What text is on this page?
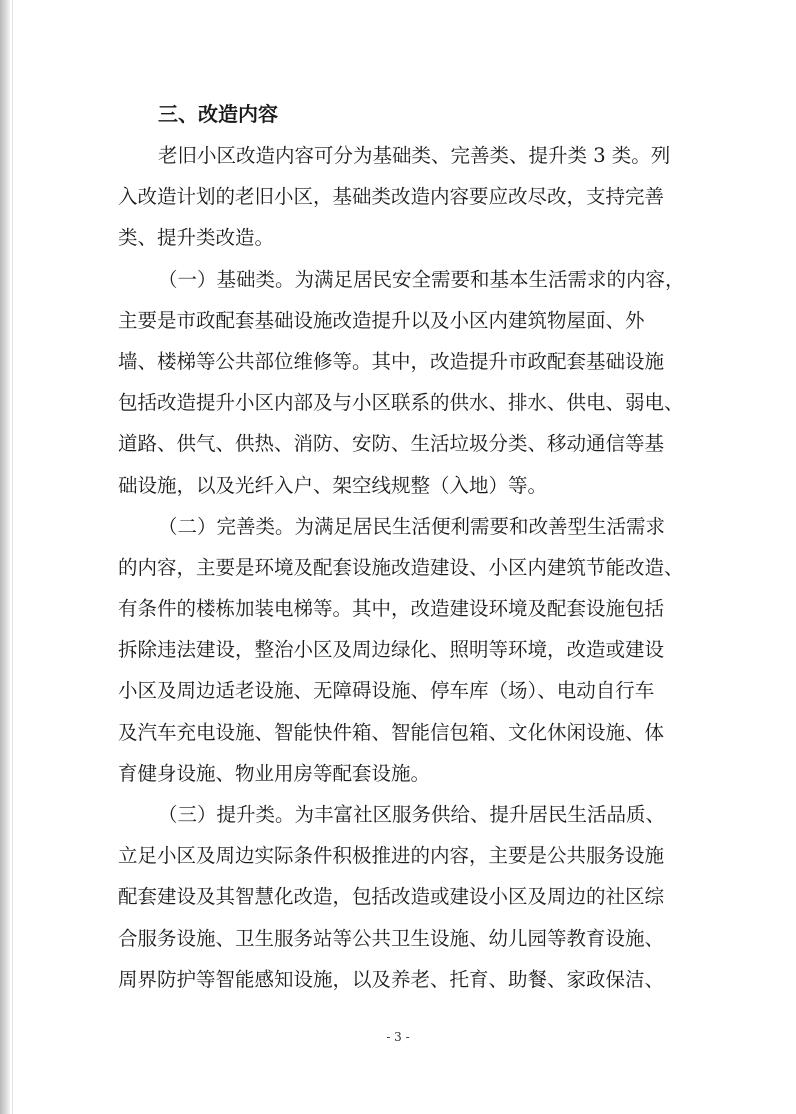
三、改造内容

老旧小区改造内容可分为基础类、完善类、提升类 3 类。列
入改造计划的老旧小区，基础类改造内容要应改尽改，支持完善
类、提升类改造。
（一）基础类。为满足居民安全需要和基本生活需求的内容，
主要是市政配套基础设施改造提升以及小区内建筑物屋面、外
墙、楼梯等公共部位维修等。其中，改造提升市政配套基础设施
包括改造提升小区内部及与小区联系的供水、排水、供电、弱电、
道路、供气、供热、消防、安防、生活垃圾分类、移动通信等基
础设施，以及光纤入户、架空线规整（入地）等。
（二）完善类。为满足居民生活便利需要和改善型生活需求
的内容，主要是环境及配套设施改造建设、小区内建筑节能改造、
有条件的楼栋加装电梯等。其中，改造建设环境及配套设施包括
拆除违法建设，整治小区及周边绿化、照明等环境，改造或建设
小区及周边适老设施、无障碍设施、停车库（场）、电动自行车
及汽车充电设施、智能快件箱、智能信包箱、文化休闲设施、体
育健身设施、物业用房等配套设施。
（三）提升类。为丰富社区服务供给、提升居民生活品质、
立足小区及周边实际条件积极推进的内容，主要是公共服务设施
配套建设及其智慧化改造，包括改造或建设小区及周边的社区综
合服务设施、卫生服务站等公共卫生设施、幼儿园等教育设施、
周界防护等智能感知设施，以及养老、托育、助餐、家政保洁、
- 3 -
